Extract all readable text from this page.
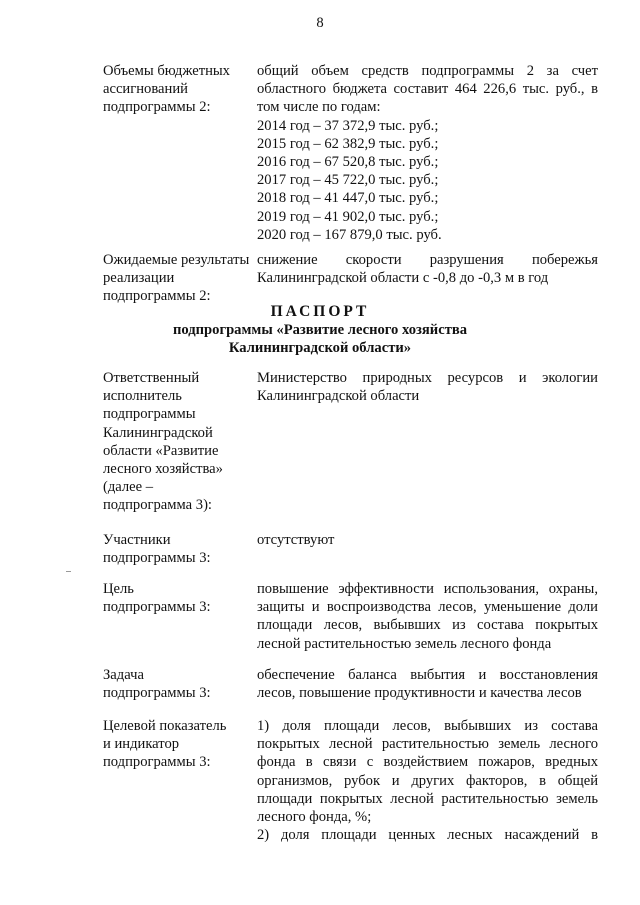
8
Объемы бюджетных
ассигнований
подпрограммы 2:
общий объем средств подпрограммы 2 за счет
областного бюджета составит 464 226,6 тыс. руб., в
том числе по годам:
2014 год – 37 372,9 тыс. руб.;
2015 год – 62 382,9 тыс. руб.;
2016 год – 67 520,8 тыс. руб.;
2017 год – 45 722,0 тыс. руб.;
2018 год – 41 447,0 тыс. руб.;
2019 год – 41 902,0 тыс. руб.;
2020 год – 167 879,0 тыс. руб.
Ожидаемые результаты
реализации
подпрограммы 2:
снижение скорости разрушения побережья
Калининградской области с -0,8 до -0,3 м в год
ПАСПОРТ
подпрограммы «Развитие лесного хозяйства
Калининградской области»
Ответственный
исполнитель
подпрограммы
Калининградской
области «Развитие
лесного хозяйства»
(далее –
подпрограмма 3):
Министерство природных ресурсов и экологии
Калининградской области
Участники
подпрограммы 3:
отсутствуют
Цель
подпрограммы 3:
повышение эффективности использования, охраны,
защиты и воспроизводства лесов, уменьшение доли
площади лесов, выбывших из состава покрытых
лесной растительностью земель лесного фонда
Задача
подпрограммы 3:
обеспечение баланса выбытия и восстановления
лесов, повышение продуктивности и качества лесов
Целевой показатель
и индикатор
подпрограммы 3:
1) доля площади лесов, выбывших из состава
покрытых лесной растительностью земель лесного
фонда в связи с воздействием пожаров, вредных
организмов, рубок и других факторов, в общей
площади покрытых лесной растительностью земель
лесного фонда, %;
2) доля площади ценных лесных насаждений в
